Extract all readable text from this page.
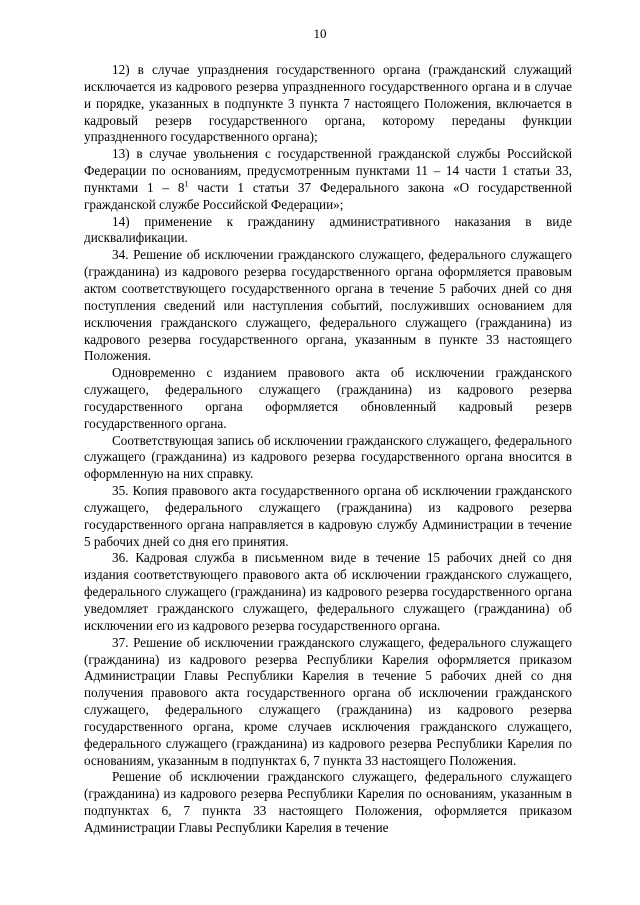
10

12) в случае упразднения государственного органа (гражданский служащий исключается из кадрового резерва упраздненного государственного органа и в случае и порядке, указанных в подпункте 3 пункта 7 настоящего Положения, включается в кадровый резерв государственного органа, которому переданы функции упраздненного государственного органа);

13) в случае увольнения с государственной гражданской службы Российской Федерации по основаниям, предусмотренным пунктами 11 – 14 части 1 статьи 33, пунктами $1 - 8^1$ части 1 статьи 37 Федерального закона «О государственной гражданской службе Российской Федерации»;

14) применение к гражданину административного наказания в виде дисквалификации.

34. Решение об исключении гражданского служащего, федерального служащего (гражданина) из кадрового резерва государственного органа оформляется правовым актом соответствующего государственного органа в течение 5 рабочих дней со дня поступления сведений или наступления событий, послуживших основанием для исключения гражданского служащего, федерального служащего (гражданина) из кадрового резерва государственного органа, указанным в пункте 33 настоящего Положения.

Одновременно с изданием правового акта об исключении гражданского служащего, федерального служащего (гражданина) из кадрового резерва государственного органа оформляется обновленный кадровый резерв государственного органа.

Соответствующая запись об исключении гражданского служащего, федерального служащего (гражданина) из кадрового резерва государственного органа вносится в оформленную на них справку.

35. Копия правового акта государственного органа об исключении гражданского служащего, федерального служащего (гражданина) из кадрового резерва государственного органа направляется в кадровую службу Администрации в течение 5 рабочих дней со дня его принятия.

36. Кадровая служба в письменном виде в течение 15 рабочих дней со дня издания соответствующего правового акта об исключении гражданского служащего, федерального служащего (гражданина) из кадрового резерва государственного органа уведомляет гражданского служащего, федерального служащего (гражданина) об исключении его из кадрового резерва государственного органа.

37. Решение об исключении гражданского служащего, федерального служащего (гражданина) из кадрового резерва Республики Карелия оформляется приказом Администрации Главы Республики Карелия в течение 5 рабочих дней со дня получения правового акта государственного органа об исключении гражданского служащего, федерального служащего (гражданина) из кадрового резерва государственного органа, кроме случаев исключения гражданского служащего, федерального служащего (гражданина) из кадрового резерва Республики Карелия по основаниям, указанным в подпунктах 6, 7 пункта 33 настоящего Положения.

Решение об исключении гражданского служащего, федерального служащего (гражданина) из кадрового резерва Республики Карелия по основаниям, указанным в подпунктах 6, 7 пункта 33 настоящего Положения, оформляется приказом Администрации Главы Республики Карелия в течение
